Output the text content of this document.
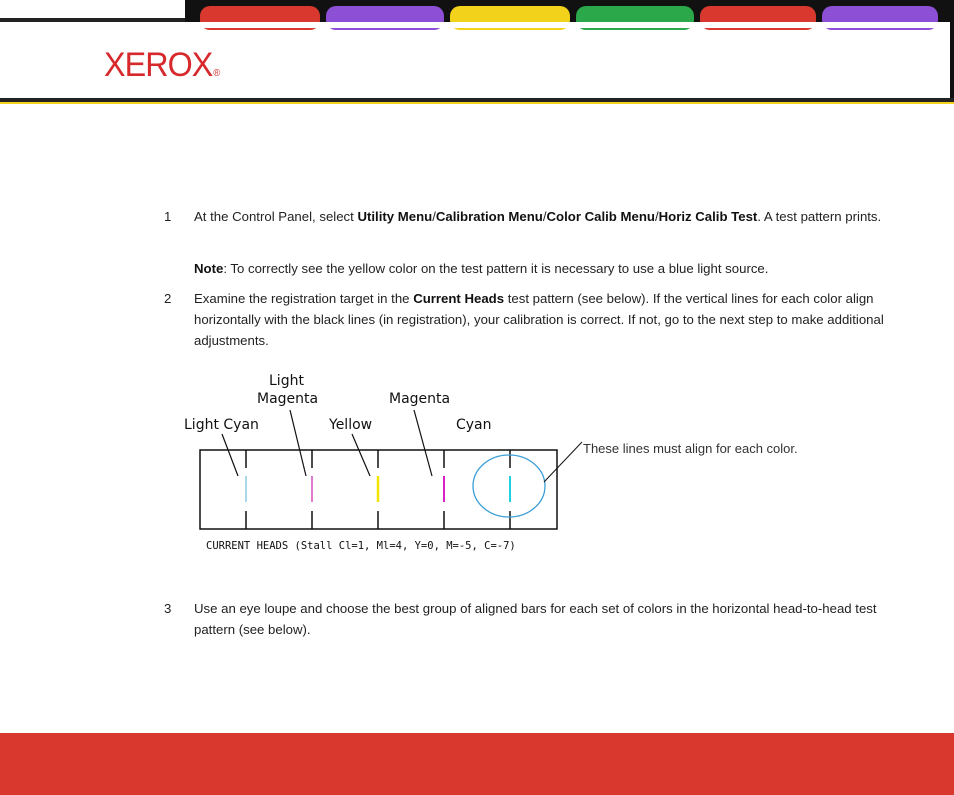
XEROX®
1 At the Control Panel, select Utility Menu/Calibration Menu/Color Calib Menu/Horiz Calib Test. A test pattern prints.
Note: To correctly see the yellow color on the test pattern it is necessary to use a blue light source.
2 Examine the registration target in the Current Heads test pattern (see below). If the vertical lines for each color align horizontally with the black lines (in registration), your calibration is correct. If not, go to the next step to make additional adjustments.
Light Cyan
Light
Magenta
Yellow
Magenta
Cyan
CURRENT HEADS (Stall Cl=1, Ml=4, Y=0, M=-5, C=-7)
These lines must align for each color.
3 Use an eye loupe and choose the best group of aligned bars for each set of colors in the horizontal head-to-head test pattern (see below).
